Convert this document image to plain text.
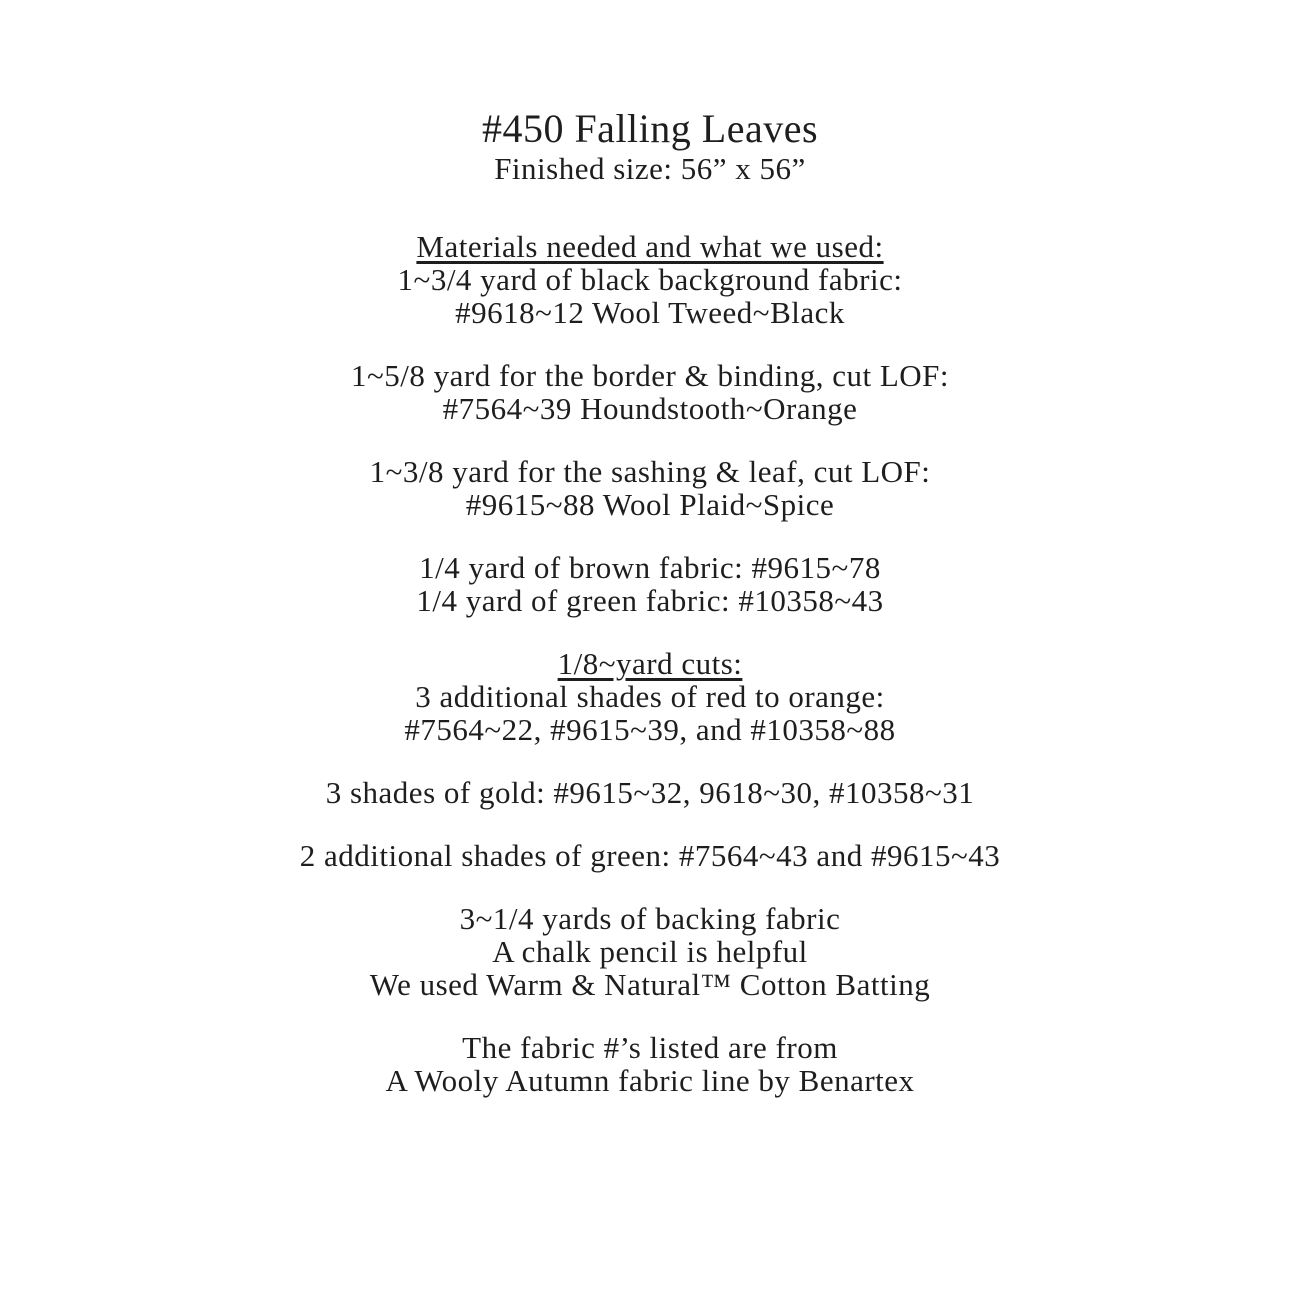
#450 Falling Leaves
Finished size: 56” x 56”
Materials needed and what we used:
1~3/4 yard of black background fabric:
#9618~12 Wool Tweed~Black
1~5/8 yard for the border & binding, cut LOF:
#7564~39 Houndstooth~Orange
1~3/8 yard for the sashing & leaf, cut LOF:
#9615~88 Wool Plaid~Spice
1/4 yard of brown fabric: #9615~78
1/4 yard of green fabric: #10358~43
1/8~yard cuts:
3 additional shades of red to orange:
#7564~22, #9615~39, and #10358~88
3 shades of gold: #9615~32, 9618~30, #10358~31
2 additional shades of green: #7564~43 and #9615~43
3~1/4 yards of backing fabric
A chalk pencil is helpful
We used Warm & Natural™ Cotton Batting
The fabric #’s listed are from
A Wooly Autumn fabric line by Benartex
